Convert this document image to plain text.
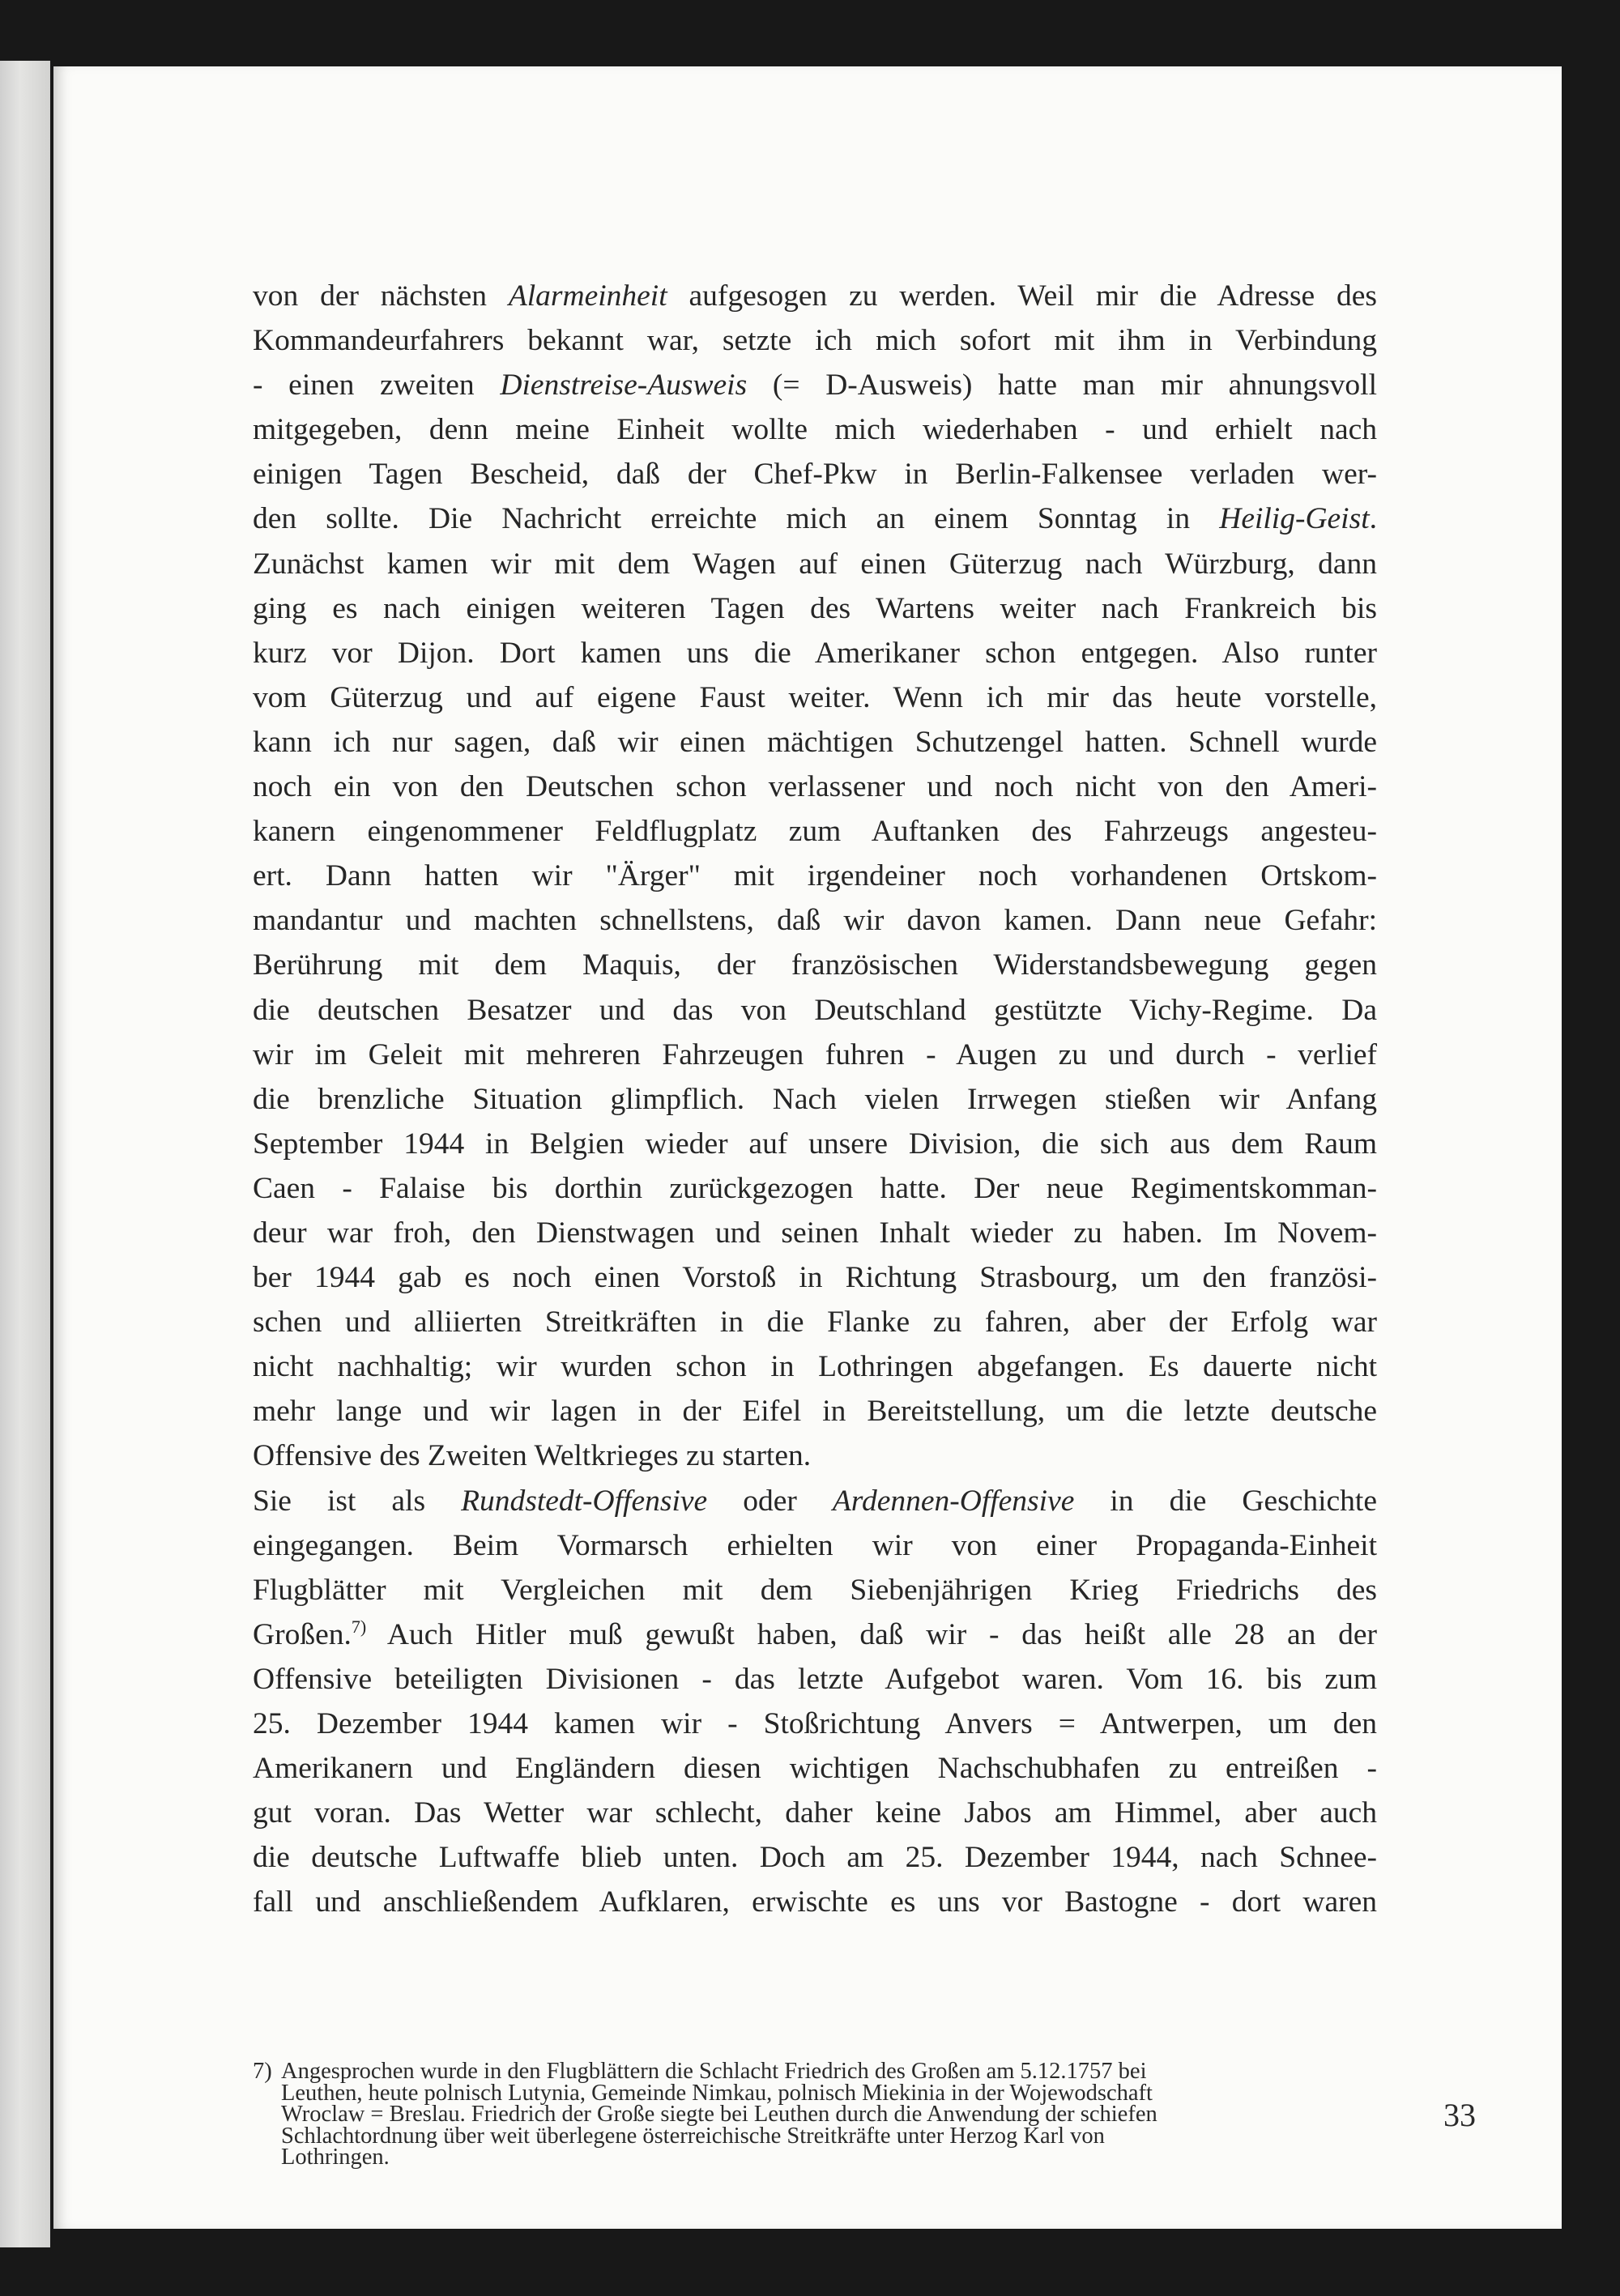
von der nächsten Alarmeinheit aufgesogen zu werden. Weil mir die Adresse des
Kommandeurfahrers bekannt war, setzte ich mich sofort mit ihm in Verbindung
- einen zweiten Dienstreise-Ausweis (= D-Ausweis) hatte man mir ahnungsvoll
mitgegeben, denn meine Einheit wollte mich wiederhaben - und erhielt nach
einigen Tagen Bescheid, daß der Chef-Pkw in Berlin-Falkensee verladen wer-
den sollte. Die Nachricht erreichte mich an einem Sonntag in Heilig-Geist.
Zunächst kamen wir mit dem Wagen auf einen Güterzug nach Würzburg, dann
ging es nach einigen weiteren Tagen des Wartens weiter nach Frankreich bis
kurz vor Dijon. Dort kamen uns die Amerikaner schon entgegen. Also runter
vom Güterzug und auf eigene Faust weiter. Wenn ich mir das heute vorstelle,
kann ich nur sagen, daß wir einen mächtigen Schutzengel hatten. Schnell wurde
noch ein von den Deutschen schon verlassener und noch nicht von den Ameri-
kanern eingenommener Feldflugplatz zum Auftanken des Fahrzeugs angesteu-
ert. Dann hatten wir "Ärger" mit irgendeiner noch vorhandenen Ortskom-
mandantur und machten schnellstens, daß wir davon kamen. Dann neue Gefahr:
Berührung mit dem Maquis, der französischen Widerstandsbewegung gegen
die deutschen Besatzer und das von Deutschland gestützte Vichy-Regime. Da
wir im Geleit mit mehreren Fahrzeugen fuhren - Augen zu und durch - verlief
die brenzliche Situation glimpflich. Nach vielen Irrwegen stießen wir Anfang
September 1944 in Belgien wieder auf unsere Division, die sich aus dem Raum
Caen - Falaise bis dorthin zurückgezogen hatte. Der neue Regimentskomman-
deur war froh, den Dienstwagen und seinen Inhalt wieder zu haben. Im Novem-
ber 1944 gab es noch einen Vorstoß in Richtung Strasbourg, um den französi-
schen und alliierten Streitkräften in die Flanke zu fahren, aber der Erfolg war
nicht nachhaltig; wir wurden schon in Lothringen abgefangen. Es dauerte nicht
mehr lange und wir lagen in der Eifel in Bereitstellung, um die letzte deutsche
Offensive des Zweiten Weltkrieges zu starten.
Sie ist als Rundstedt-Offensive oder Ardennen-Offensive in die Geschichte
eingegangen. Beim Vormarsch erhielten wir von einer Propaganda-Einheit
Flugblätter mit Vergleichen mit dem Siebenjährigen Krieg Friedrichs des
Großen.$^{7)}$ Auch Hitler muß gewußt haben, daß wir - das heißt alle 28 an der
Offensive beteiligten Divisionen - das letzte Aufgebot waren. Vom 16. bis zum
25. Dezember 1944 kamen wir - Stoßrichtung Anvers = Antwerpen, um den
Amerikanern und Engländern diesen wichtigen Nachschubhafen zu entreißen -
gut voran. Das Wetter war schlecht, daher keine Jabos am Himmel, aber auch
die deutsche Luftwaffe blieb unten. Doch am 25. Dezember 1944, nach Schnee-
fall und anschließendem Aufklaren, erwischte es uns vor Bastogne - dort waren
7) Angesprochen wurde in den Flugblättern die Schlacht Friedrich des Großen am 5.12.1757 bei
Leuthen, heute polnisch Lutynia, Gemeinde Nimkau, polnisch Miekinia in der Wojewodschaft
Wroclaw = Breslau. Friedrich der Große siegte bei Leuthen durch die Anwendung der schiefen
Schlachtordnung über weit überlegene österreichische Streitkräfte unter Herzog Karl von
Lothringen.
33
